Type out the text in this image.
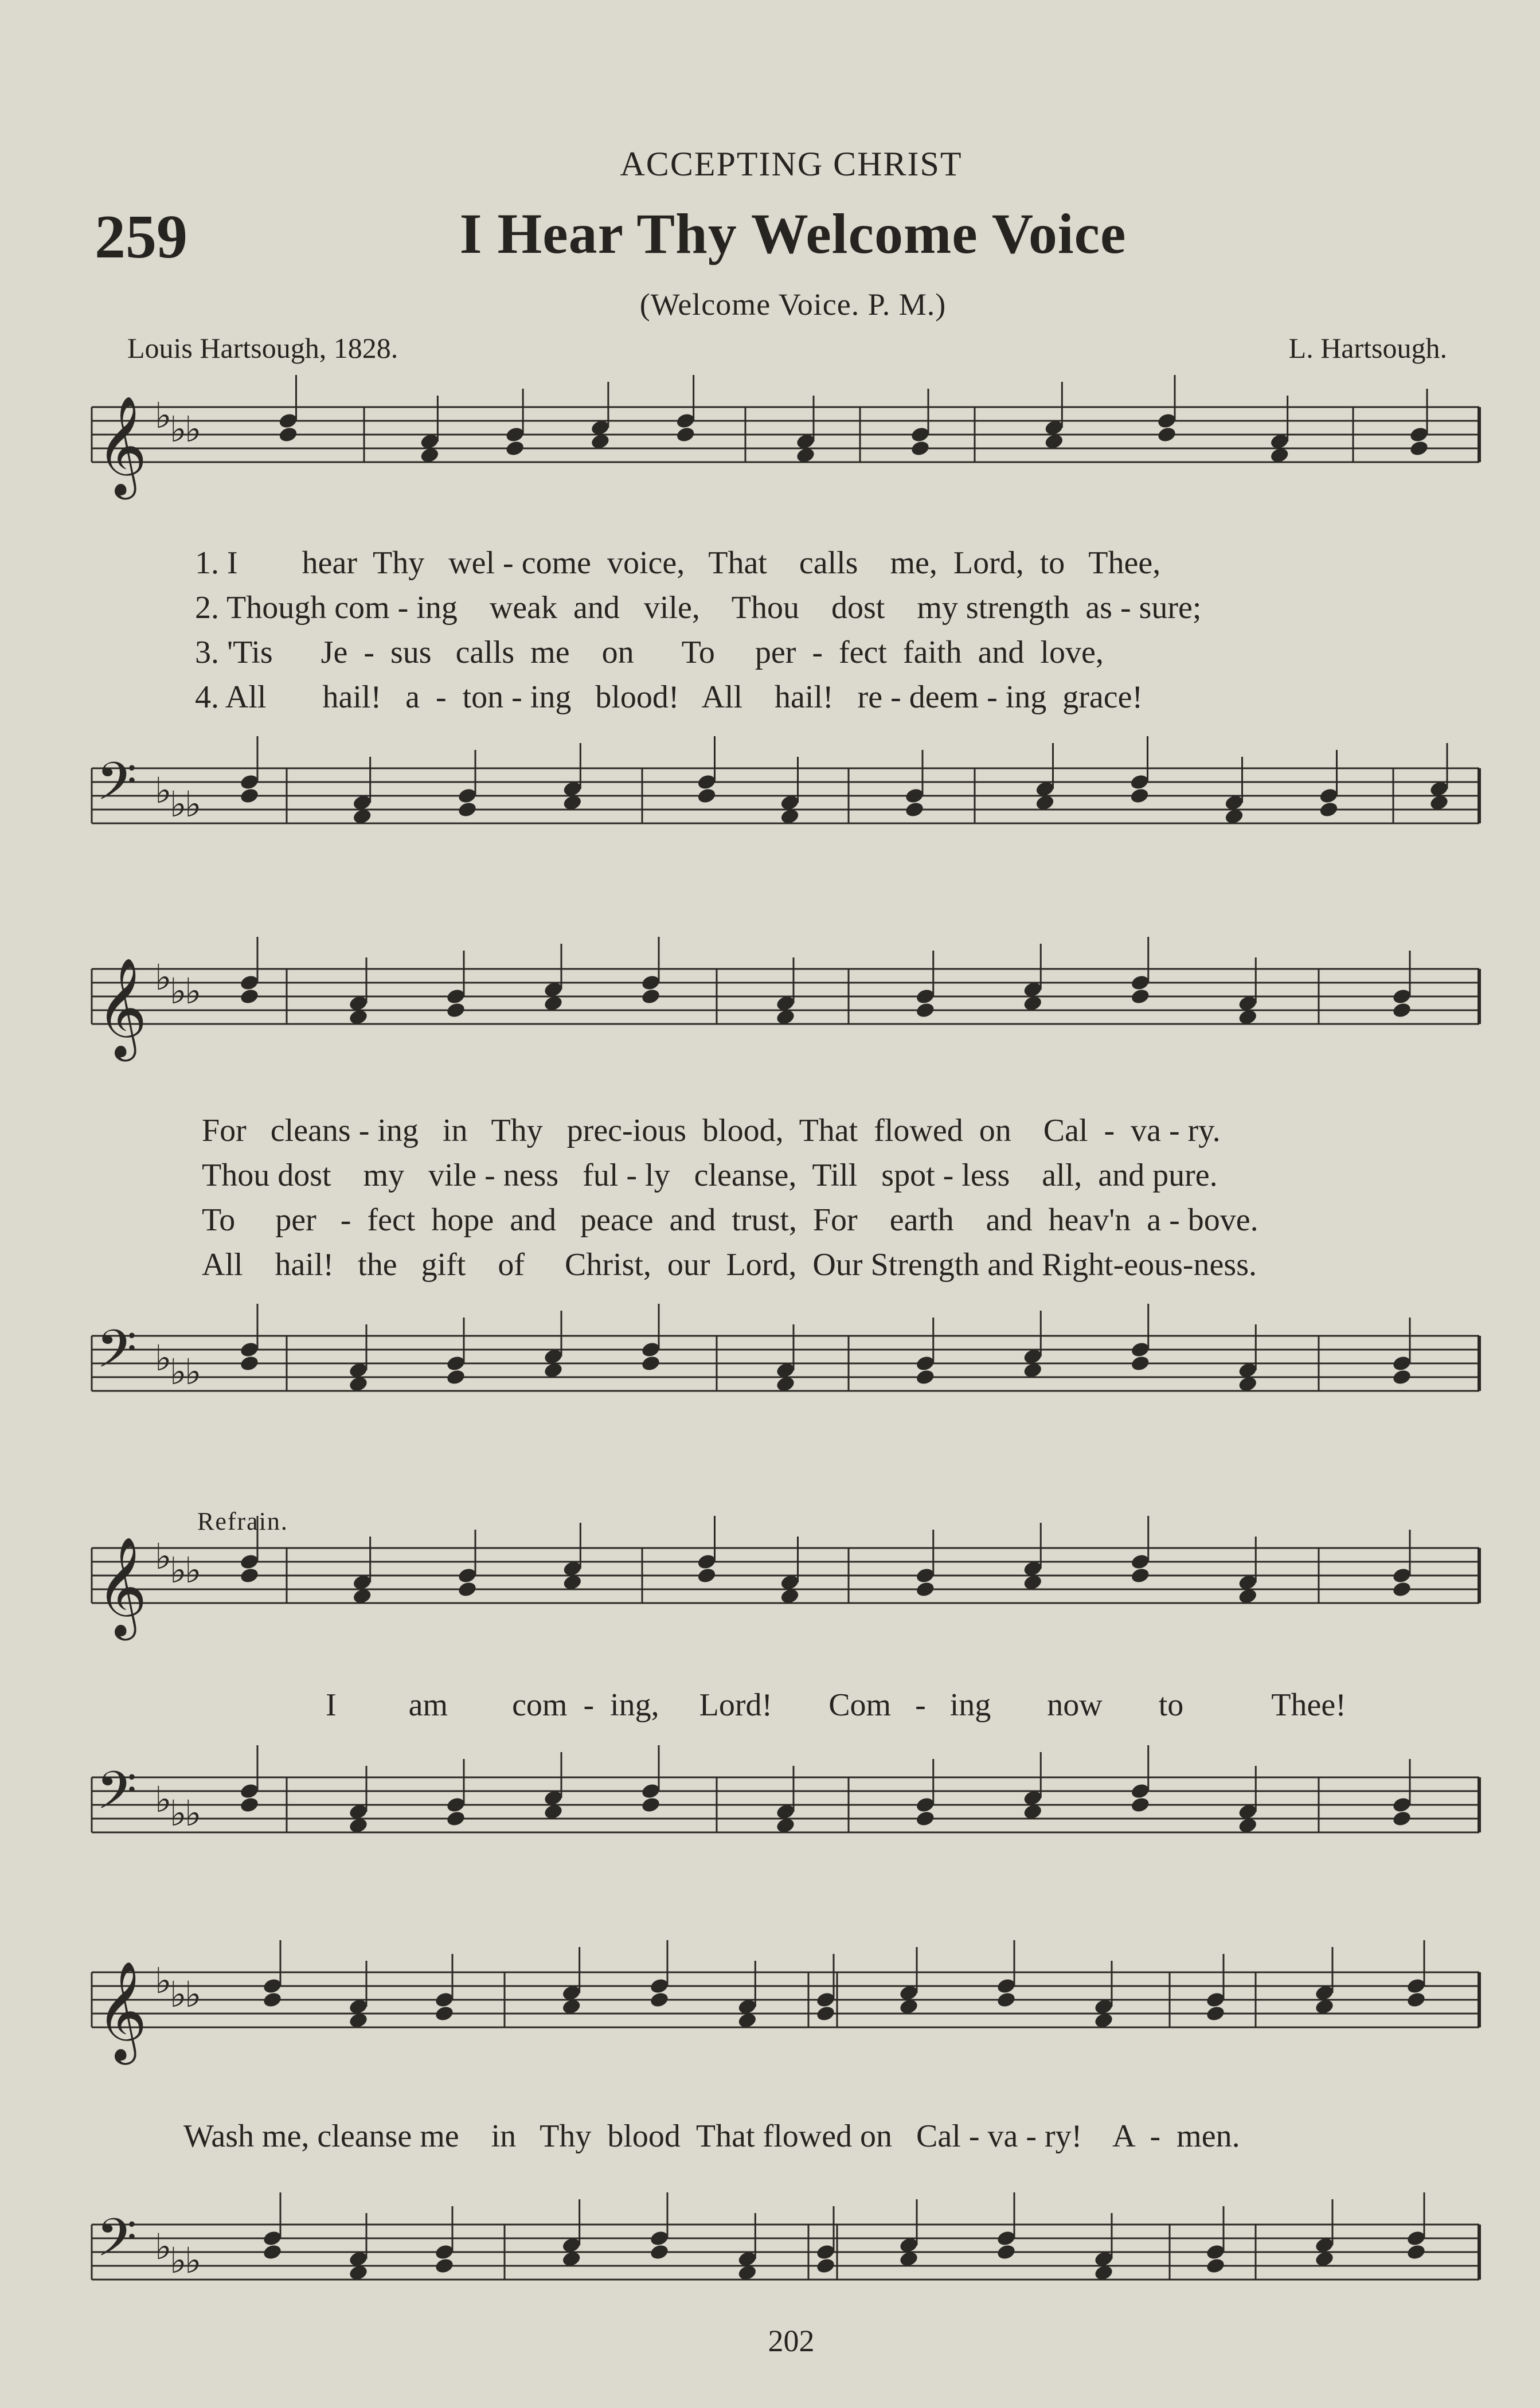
ACCEPTING CHRIST
259	I Hear Thy Welcome Voice
(Welcome Voice. P. M.)
Louis Hartsough, 1828.	L. Hartsough.
𝄞 ♭
♭
♭
𝄢 ♭
♭
♭
𝄞 ♭
♭
♭
𝄢 ♭
♭
♭
𝄞 ♭
♭
♭
𝄢 ♭
♭
♭
𝄞 ♭
♭
♭
𝄢 ♭
♭
♭
1. I        hear  Thy   wel - come  voice,   That    calls    me,  Lord,  to   Thee,
2. Though com - ing    weak  and   vile,    Thou    dost    my strength  as - sure;
3. 'Tis      Je  -  sus   calls  me    on      To     per  -  fect  faith  and  love,
4. All       hail!   a  -  ton - ing   blood!   All    hail!   re - deem - ing  grace!
For   cleans - ing   in   Thy   prec-ious  blood,  That  flowed  on    Cal  -  va - ry.
Thou dost    my   vile - ness   ful - ly   cleanse,  Till   spot - less    all,  and pure.
To     per   -  fect  hope  and   peace  and  trust,  For    earth    and  heav'n  a - bove.
All    hail!   the   gift    of     Christ,  our  Lord,  Our Strength and Right-eous-ness.
Refrain.
I         am        com  -  ing,     Lord!       Com   -   ing       now       to           Thee!
Wash me, cleanse me    in   Thy  blood  That flowed on   Cal - va - ry!    A  -  men.
202
